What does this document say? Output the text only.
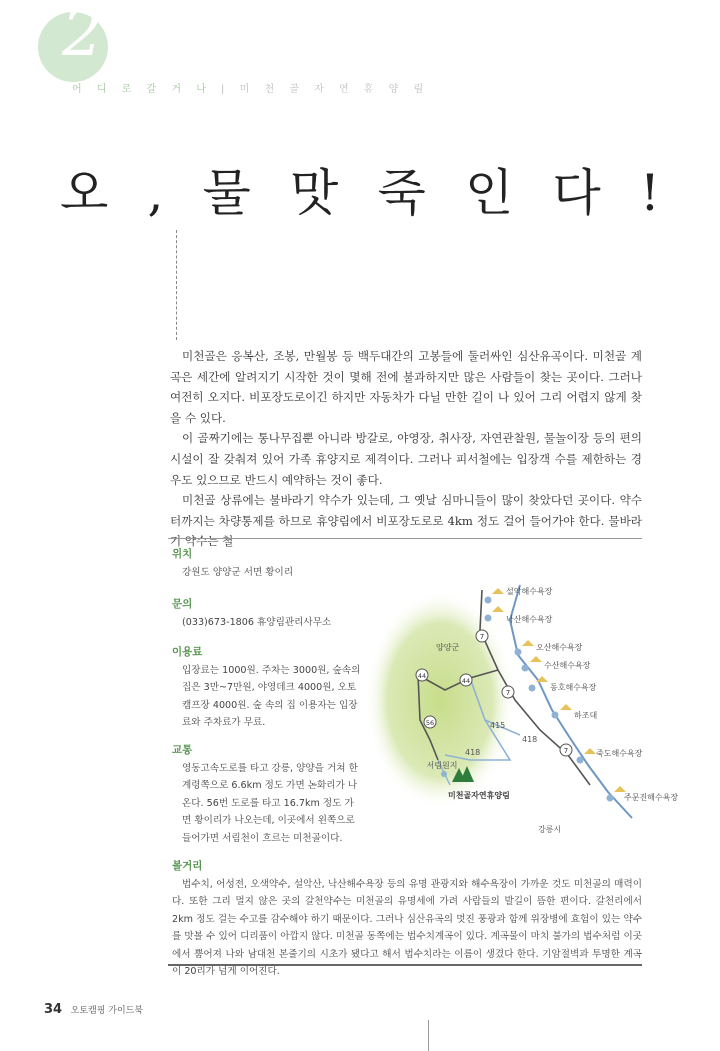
2
어 디 로 갈 거 나 | 미 천 골 자 연 휴 양 림
오 , 물 맛 죽 인 다 !

미천골은 응복산, 조봉, 만월봉 등 백두대간의 고봉들에 둘러싸인 심산유곡이다. 미천골 계곡은 세간에 알려지기 시작한 것이 몇해 전에 불과하지만 많은 사람들이 찾는 곳이다. 그러나 여전히 오지다. 비포장도로이긴 하지만 자동차가 다닐 만한 길이 나 있어 그리 어렵지 않게 찾을 수 있다.

이 골짜기에는 통나무집뿐 아니라 방갈로, 야영장, 취사장, 자연관찰원, 물놀이장 등의 편의시설이 잘 갖춰져 있어 가족 휴양지로 제격이다. 그러나 피서철에는 입장객 수를 제한하는 경우도 있으므로 반드시 예약하는 것이 좋다.

미천골 상류에는 불바라기 약수가 있는데, 그 옛날 심마니들이 많이 찾았다던 곳이다. 약수터까지는 차량통제를 하므로 휴양림에서 비포장도로로 4km 정도 걸어 들어가야 한다. 물바라기 약수는 철

위치

강원도 양양군 서면 황이리

문의

(033)673-1806 휴양림관리사무소

이용료

입장료는 1000원. 주차는 3000원, 숲속의 집은 3만~7만원, 야영데크 4000원, 오토캠프장 4000원. 숲 속의 집 이용자는 입장료와 주차료가 무료.

교통

영동고속도로를 타고 강릉, 양양을 거쳐 한계령쪽으로 6.6km 정도 가면 논화리가 나온다. 56번 도로를 타고 16.7km 정도 가면 황이리가 나오는데, 이곳에서 왼쪽으로 들어가면 서림천이 흐르는 미천골이다.

7
7
7
44
44
56	415
418
418
설악해수욕장
낙산해수욕장
오산해수욕장
수산해수욕장
동호해수욕장
하조대
죽도해수욕장
주문진해수욕장
서림원지
미천골자연휴양림
양양군
강릉시
볼거리

법수치, 어성전, 오색약수, 설악산, 낙산해수욕장 등의 유명 관광지와 해수욕장이 가까운 것도 미천골의 매력이다. 또한 그리 멀지 않은 곳의 갈천약수는 미천골의 유명세에 가려 사람들의 발길이 뜸한 편이다. 갈천리에서 2km 정도 걸는 수고를 감수해야 하기 때문이다. 그러나 심산유곡의 멋진 풍광과 함께 위장병에 효험이 있는 약수를 맛볼 수 있어 디리품이 아깝지 않다. 미천골 동쪽에는 법수치계곡이 있다. 계곡물이 마치 불가의 법수처럼 이곳에서 뿜어져 나와 남대천 본줄기의 시초가 됐다고 해서 법수치라는 이름이 생겼다 한다. 기암절벽과 투명한 계곡이 20리가 넘게 이어진다.

34 오토캠핑 가이드북
